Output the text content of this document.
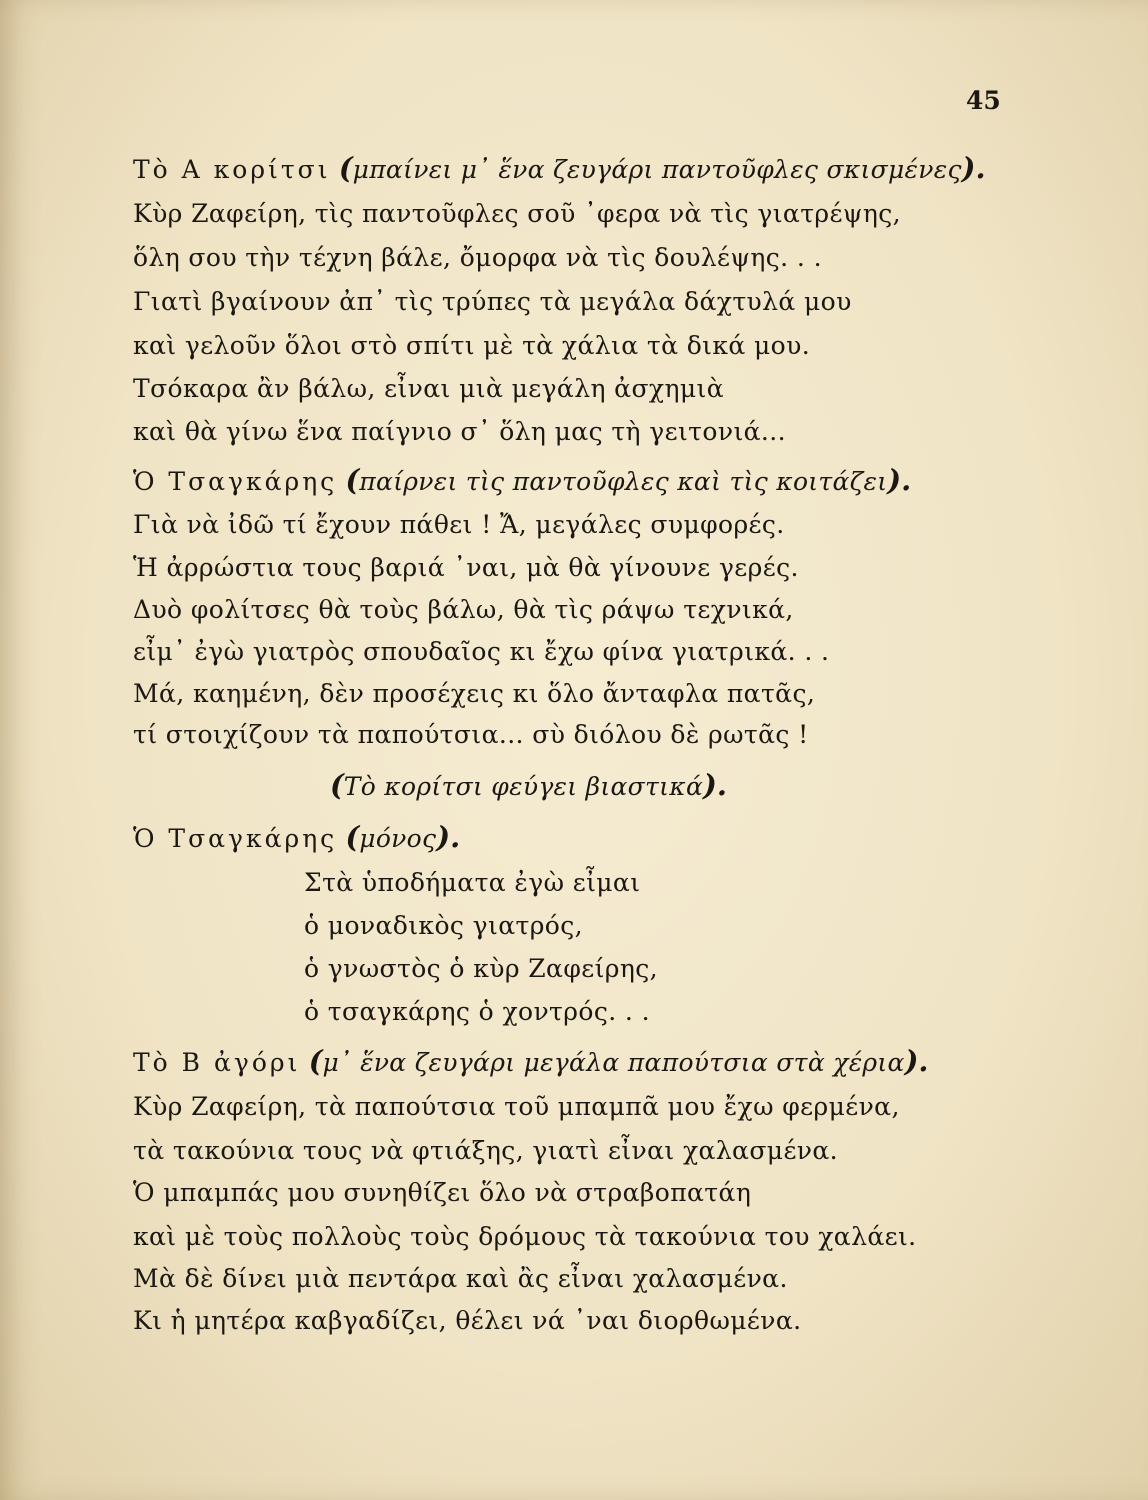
45
Τὸ Α κορίτσι (μπαίνει μ᾽ ἕνα ζευγάρι παντοῦφλες σκισμένες).
Κὺρ Ζαφείρη, τὶς παντοῦφλες σοῦ ᾿φερα νὰ τὶς γιατρέψης,
ὅλη σου τὴν τέχνη βάλε, ὄμορφα νὰ τὶς δουλέψης. . .
Γιατὶ βγαίνουν ἀπ᾽ τὶς τρύπες τὰ μεγάλα δάχτυλά μου
καὶ γελοῦν ὅλοι στὸ σπίτι μὲ τὰ χάλια τὰ δικά μου.
Τσόκαρα ἂν βάλω, εἶναι μιὰ μεγάλη ἀσχημιὰ
καὶ θὰ γίνω ἕνα παίγνιο σ᾽ ὅλη μας τὴ γειτονιά...
Ὁ Τσαγκάρης (παίρνει τὶς παντοῦφλες καὶ τὶς κοιτάζει).
Γιὰ νὰ ἰδῶ τί ἔχουν πάθει ! Ἄ, μεγάλες συμφορές.
Ἡ ἀρρώστια τους βαριά ᾿ναι, μὰ θὰ γίνουνε γερές.
Δυὸ φολίτσες θὰ τοὺς βάλω, θὰ τὶς ράψω τεχνικά,
εἶμ᾽ ἐγὼ γιατρὸς σπουδαῖος κι ἔχω φίνα γιατρικά. . .
Μά, καημένη, δὲν προσέχεις κι ὅλο ἄνταφλα πατᾶς,
τί στοιχίζουν τὰ παπούτσια... σὺ διόλου δὲ ρωτᾶς !
(Τὸ κορίτσι φεύγει βιαστικά).
Ὁ Τσαγκάρης (μόνος).
Στὰ ὑποδήματα ἐγὼ εἶμαι
ὁ μοναδικὸς γιατρός,
ὁ γνωστὸς ὁ κὺρ Ζαφείρης,
ὁ τσαγκάρης ὁ χοντρός. . .
Τὸ Β ἀγόρι (μ᾽ ἕνα ζευγάρι μεγάλα παπούτσια στὰ χέρια).
Κὺρ Ζαφείρη, τὰ παπούτσια τοῦ μπαμπᾶ μου ἔχω φερμένα,
τὰ τακούνια τους νὰ φτιάξης, γιατὶ εἶναι χαλασμένα.
Ὁ μπαμπάς μου συνηθίζει ὅλο νὰ στραβοπατάη
καὶ μὲ τοὺς πολλοὺς τοὺς δρόμους τὰ τακούνια του χαλάει.
Μὰ δὲ δίνει μιὰ πεντάρα καὶ ἂς εἶναι χαλασμένα.
Κι ἡ μητέρα καβγαδίζει, θέλει νά ᾿ναι διορθωμένα.
